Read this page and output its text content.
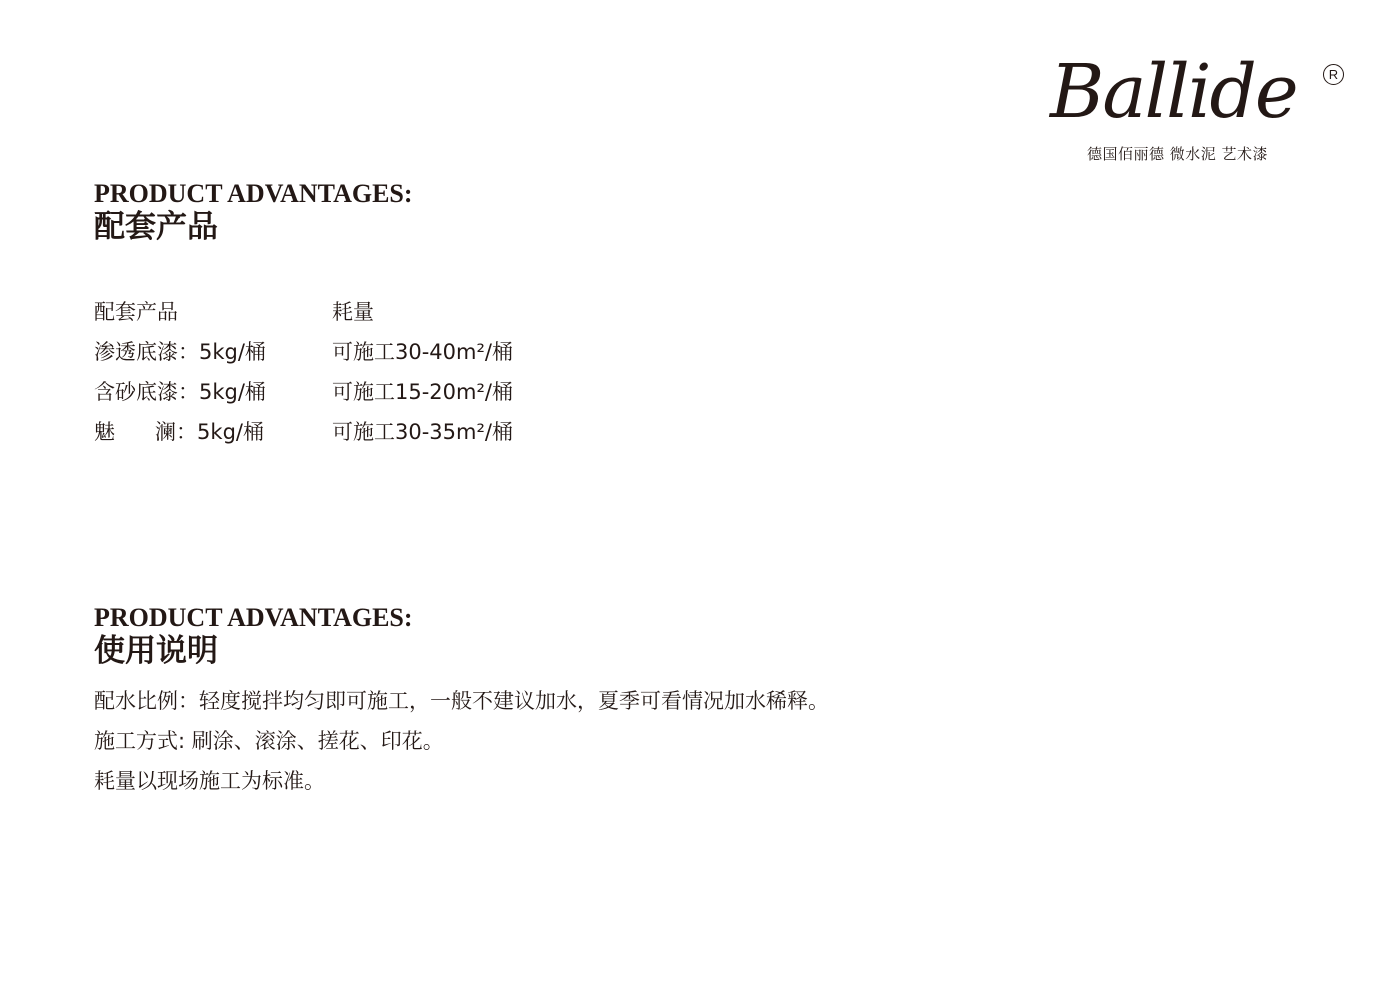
Ballide	R
德国佰丽德 微水泥 艺术漆
PRODUCT ADVANTAGES:
配套产品
配套产品	耗量
渗透底漆：5kg/桶	可施工30-40m²/桶
含砂底漆：5kg/桶	可施工15-20m²/桶
魅      澜：5kg/桶	可施工30-35m²/桶
PRODUCT ADVANTAGES:
使用说明
配水比例：轻度搅拌均匀即可施工，一般不建议加水，夏季可看情况加水稀释。
施工方式: 刷涂、滚涂、搓花、印花。
耗量以现场施工为标准。
